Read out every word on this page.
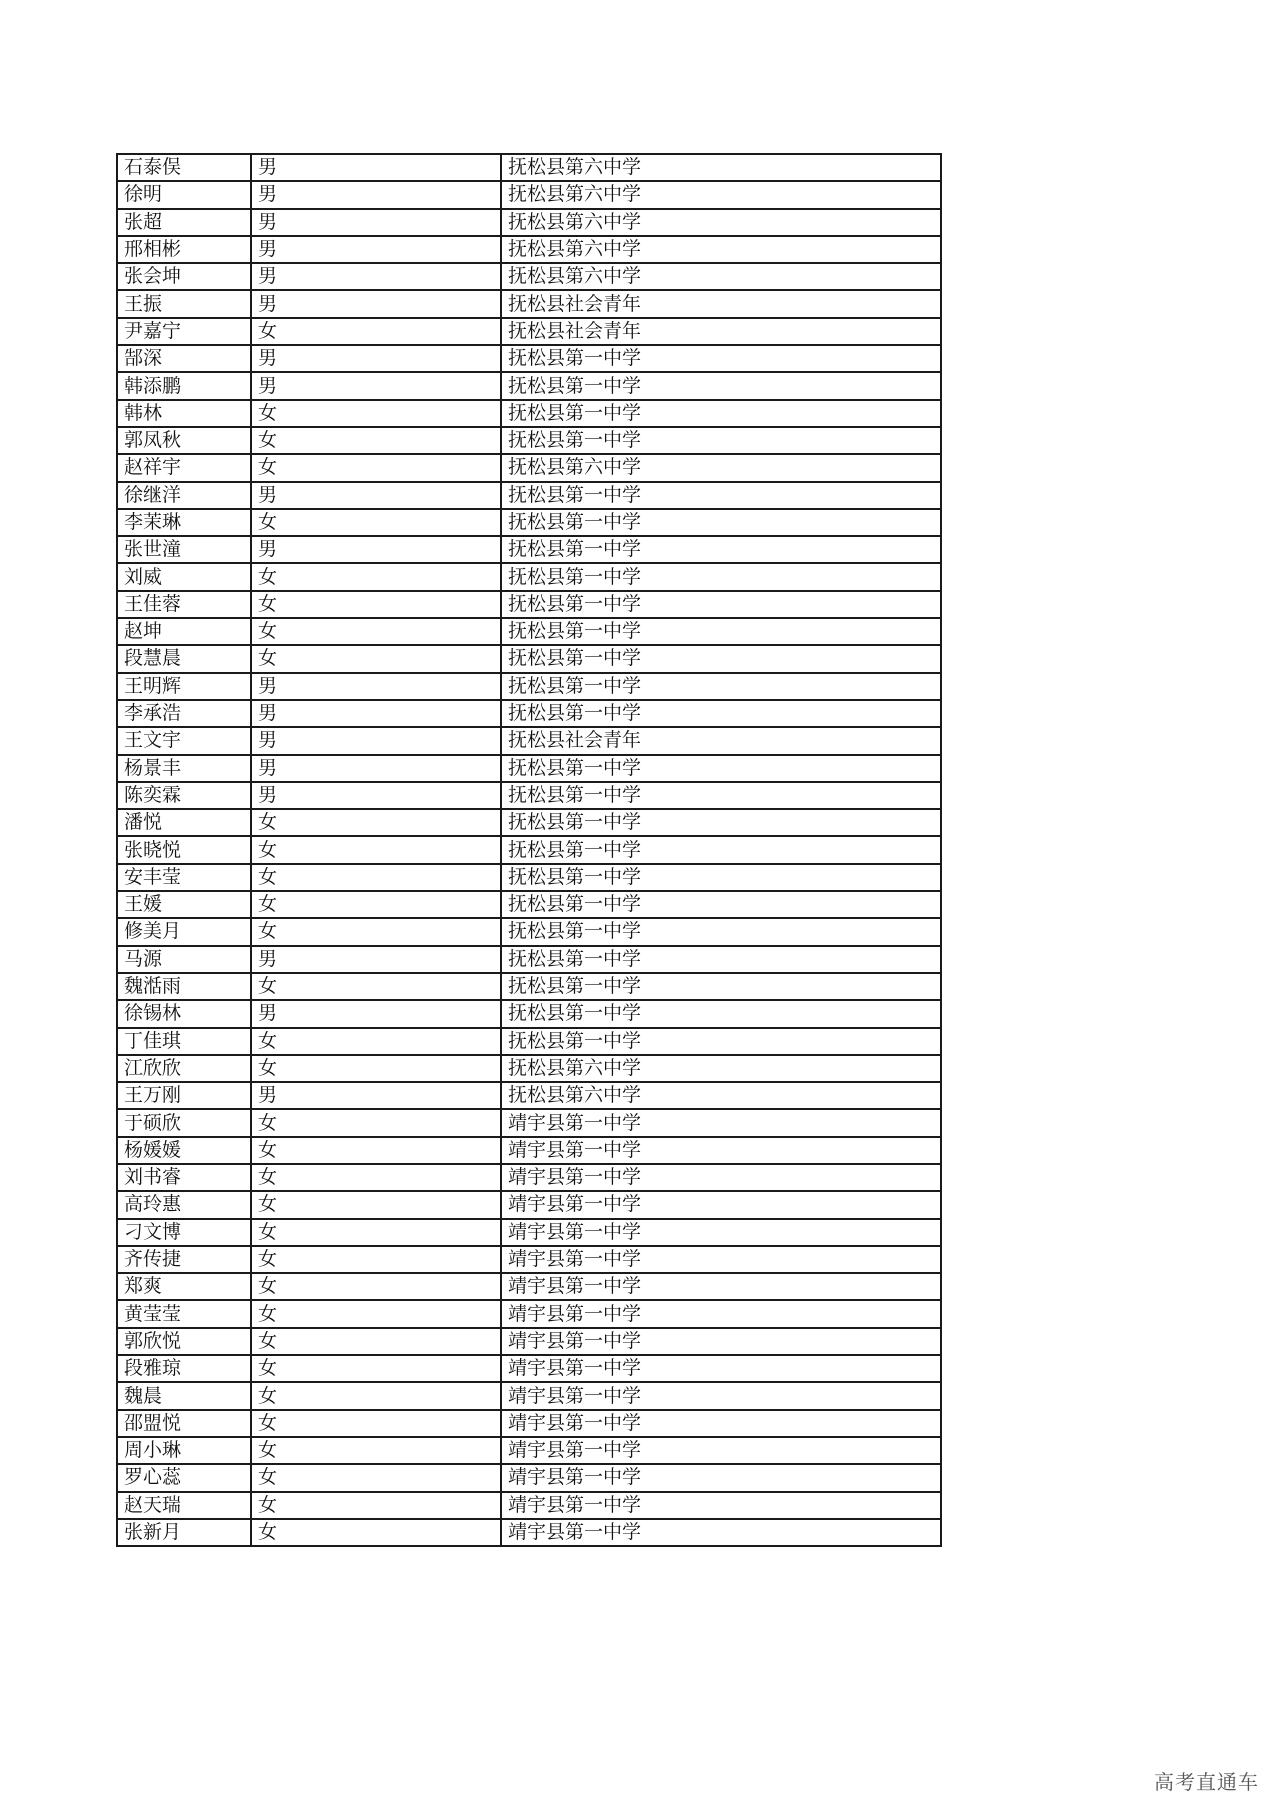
石泰俣	男	抚松县第六中学
徐明	男	抚松县第六中学
张超	男	抚松县第六中学
邢相彬	男	抚松县第六中学
张会坤	男	抚松县第六中学
王振	男	抚松县社会青年
尹嘉宁	女	抚松县社会青年
郜深	男	抚松县第一中学
韩添鹏	男	抚松县第一中学
韩林	女	抚松县第一中学
郭凤秋	女	抚松县第一中学
赵祥宇	女	抚松县第六中学
徐继洋	男	抚松县第一中学
李茉琳	女	抚松县第一中学
张世潼	男	抚松县第一中学
刘威	女	抚松县第一中学
王佳蓉	女	抚松县第一中学
赵坤	女	抚松县第一中学
段慧晨	女	抚松县第一中学
王明辉	男	抚松县第一中学
李承浩	男	抚松县第一中学
王文宇	男	抚松县社会青年
杨景丰	男	抚松县第一中学
陈奕霖	男	抚松县第一中学
潘悦	女	抚松县第一中学
张晓悦	女	抚松县第一中学
安丰莹	女	抚松县第一中学
王媛	女	抚松县第一中学
修美月	女	抚松县第一中学
马源	男	抚松县第一中学
魏湉雨	女	抚松县第一中学
徐锡林	男	抚松县第一中学
丁佳琪	女	抚松县第一中学
江欣欣	女	抚松县第六中学
王万刚	男	抚松县第六中学
于硕欣	女	靖宇县第一中学
杨媛媛	女	靖宇县第一中学
刘书睿	女	靖宇县第一中学
高玲惠	女	靖宇县第一中学
刁文博	女	靖宇县第一中学
齐传捷	女	靖宇县第一中学
郑爽	女	靖宇县第一中学
黄莹莹	女	靖宇县第一中学
郭欣悦	女	靖宇县第一中学
段雅琼	女	靖宇县第一中学
魏晨	女	靖宇县第一中学
邵盟悦	女	靖宇县第一中学
周小琳	女	靖宇县第一中学
罗心蕊	女	靖宇县第一中学
赵天瑞	女	靖宇县第一中学
张新月	女	靖宇县第一中学
高考直通车
